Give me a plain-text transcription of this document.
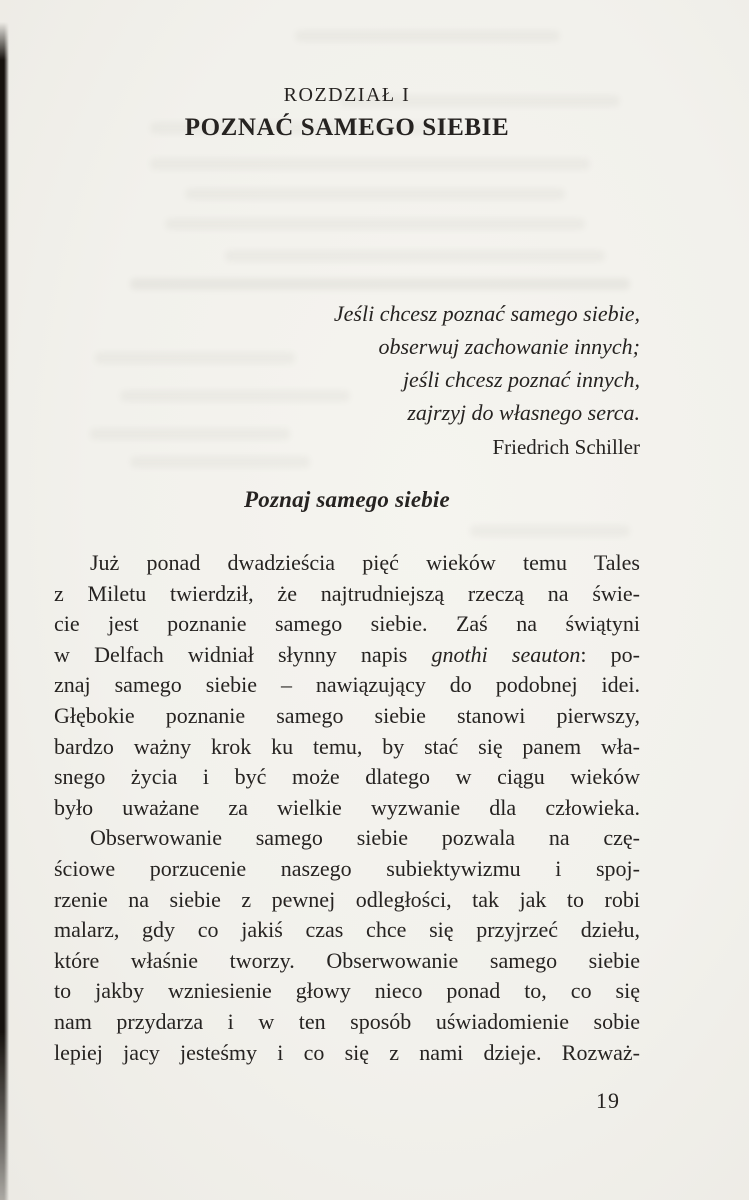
ROZDZIAŁ I
POZNAĆ SAMEGO SIEBIE
Jeśli chcesz poznać samego siebie,
obserwuj zachowanie innych;
jeśli chcesz poznać innych,
zajrzyj do własnego serca.
Friedrich Schiller
Poznaj samego siebie
Już ponad dwadzieścia pięć wieków temu Tales
z Miletu twierdził, że najtrudniejszą rzeczą na świe-
cie jest poznanie samego siebie. Zaś na świątyni
w Delfach widniał słynny napis gnothi seauton: po-
znaj samego siebie – nawiązujący do podobnej idei.
Głębokie poznanie samego siebie stanowi pierwszy,
bardzo ważny krok ku temu, by stać się panem wła-
snego życia i być może dlatego w ciągu wieków
było uważane za wielkie wyzwanie dla człowieka.
Obserwowanie samego siebie pozwala na czę-
ściowe porzucenie naszego subiektywizmu i spoj-
rzenie na siebie z pewnej odległości, tak jak to robi
malarz, gdy co jakiś czas chce się przyjrzeć dziełu,
które właśnie tworzy. Obserwowanie samego siebie
to jakby wzniesienie głowy nieco ponad to, co się
nam przydarza i w ten sposób uświadomienie sobie
lepiej jacy jesteśmy i co się z nami dzieje. Rozważ-
19
